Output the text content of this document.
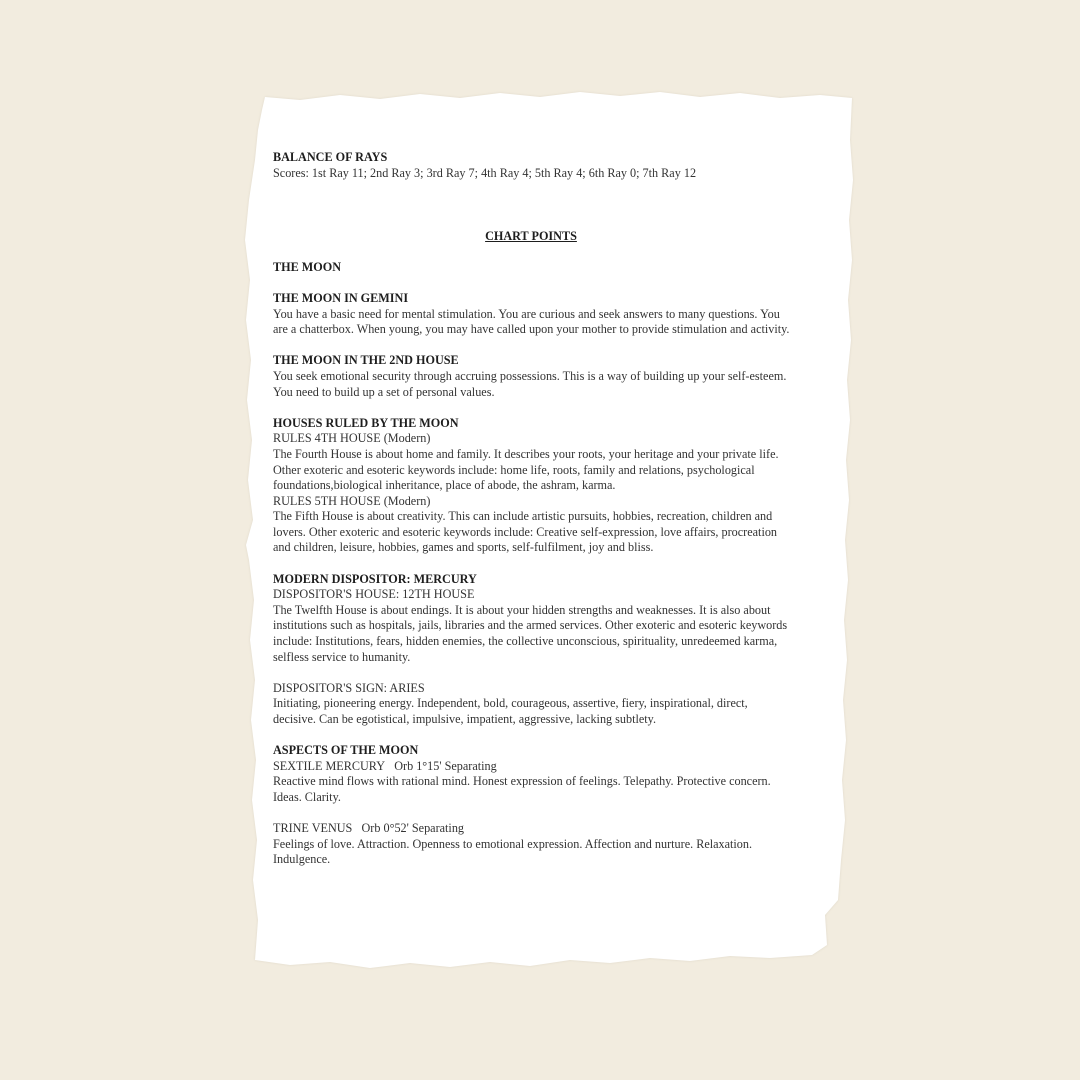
BALANCE OF RAYS

Scores: 1st Ray 11; 2nd Ray 3; 3rd Ray 7; 4th Ray 4; 5th Ray 4; 6th Ray 0; 7th Ray 12

CHART POINTS

THE MOON

THE MOON IN GEMINI

You have a basic need for mental stimulation. You are curious and seek answers to many questions. You are a chatterbox. When young, you may have called upon your mother to provide stimulation and activity.

THE MOON IN THE 2ND HOUSE

You seek emotional security through accruing possessions. This is a way of building up your self-esteem. You need to build up a set of personal values.

HOUSES RULED BY THE MOON

RULES 4TH HOUSE (Modern)

The Fourth House is about home and family. It describes your roots, your heritage and your private life. Other exoteric and esoteric keywords include: home life, roots, family and relations, psychological foundations,biological inheritance, place of abode, the ashram, karma.

RULES 5TH HOUSE (Modern)

The Fifth House is about creativity. This can include artistic pursuits, hobbies, recreation, children and lovers. Other exoteric and esoteric keywords include: Creative self-expression, love affairs, procreation and children, leisure, hobbies, games and sports, self-fulfilment, joy and bliss.

MODERN DISPOSITOR: MERCURY

DISPOSITOR'S HOUSE: 12TH HOUSE

The Twelfth House is about endings. It is about your hidden strengths and weaknesses. It is also about institutions such as hospitals, jails, libraries and the armed services. Other exoteric and esoteric keywords include: Institutions, fears, hidden enemies, the collective unconscious, spirituality, unredeemed karma, selfless service to humanity.

DISPOSITOR'S SIGN: ARIES

Initiating, pioneering energy. Independent, bold, courageous, assertive, fiery, inspirational, direct, decisive. Can be egotistical, impulsive, impatient, aggressive, lacking subtlety.

ASPECTS OF THE MOON

SEXTILE MERCURY Orb 1°15' Separating

Reactive mind flows with rational mind. Honest expression of feelings. Telepathy. Protective concern. Ideas. Clarity.

TRINE VENUS Orb 0°52' Separating

Feelings of love. Attraction. Openness to emotional expression. Affection and nurture. Relaxation. Indulgence.
